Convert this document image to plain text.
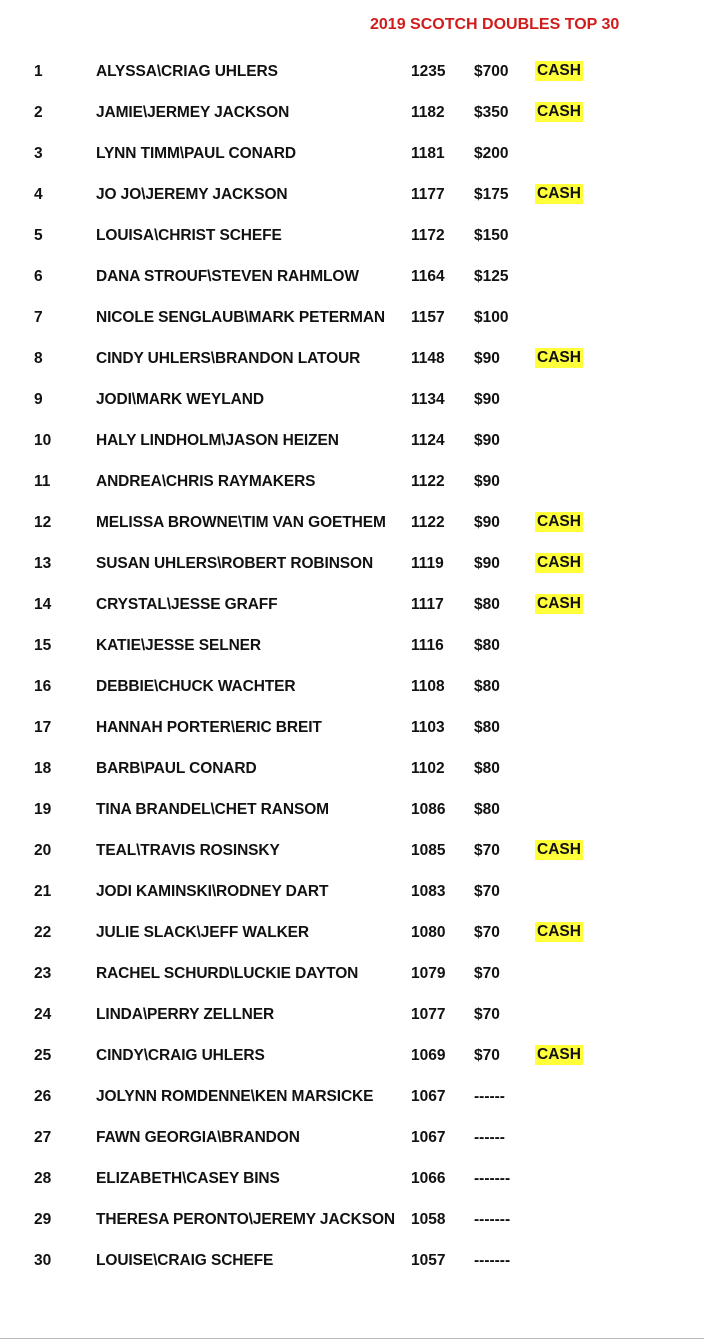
2019 SCOTCH DOUBLES TOP 30
1	ALYSSA\CRIAG UHLERS	1235 $700 CASH
2	JAMIE\JERMEY JACKSON	1182 $350 CASH
3	LYNN TIMM\PAUL CONARD	1181 $200
4	JO JO\JEREMY JACKSON	1177 $175 CASH
5	LOUISA\CHRIST SCHEFE	1172 $150
6	DANA STROUF\STEVEN RAHMLOW	1164 $125
7	NICOLE SENGLAUB\MARK PETERMAN 1157 $100
8	CINDY UHLERS\BRANDON LATOUR	1148 $90 CASH
9	JODI\MARK WEYLAND	1134 $90
10	HALY LINDHOLM\JASON HEIZEN	1124 $90
11	ANDREA\CHRIS RAYMAKERS	1122 $90
12	MELISSA BROWNE\TIM VAN GOETHEM 1122 $90 CASH
13	SUSAN UHLERS\ROBERT ROBINSON 1119 $90 CASH
14	CRYSTAL\JESSE GRAFF	1117 $80 CASH
15	KATIE\JESSE SELNER	1116 $80
16	DEBBIE\CHUCK WACHTER	1108 $80
17	HANNAH PORTER\ERIC BREIT	1103 $80
18	BARB\PAUL CONARD	1102 $80
19	TINA BRANDEL\CHET RANSOM	1086 $80
20	TEAL\TRAVIS ROSINSKY	1085 $70 CASH
21	JODI KAMINSKI\RODNEY DART	1083 $70
22	JULIE SLACK\JEFF WALKER	1080 $70 CASH
23	RACHEL SCHURD\LUCKIE DAYTON	1079 $70
24	LINDA\PERRY ZELLNER	1077 $70
25	CINDY\CRAIG UHLERS	1069 $70 CASH
26	JOLYNN ROMDENNE\KEN MARSICKE 1067 ------
27	FAWN GEORGIA\BRANDON	1067 ------
28	ELIZABETH\CASEY BINS	1066 -------
29	THERESA PERONTO\JEREMY JACKSON 1058 -------
30	LOUISE\CRAIG SCHEFE	1057 -------
